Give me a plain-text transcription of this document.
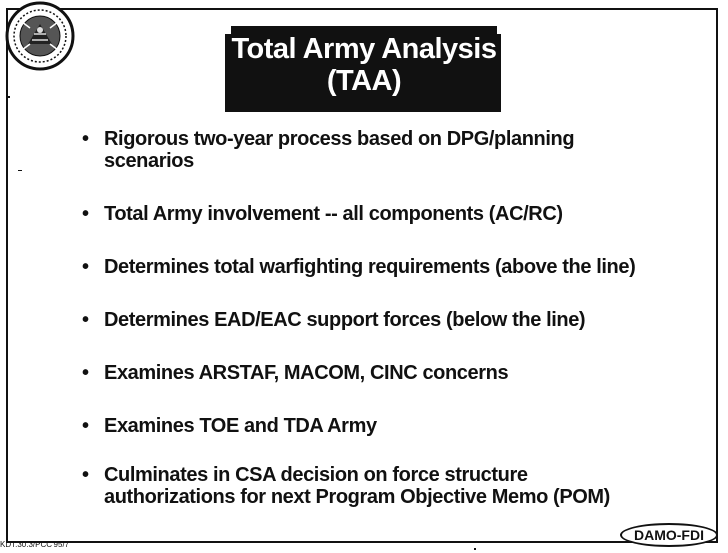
Total Army Analysis
(TAA)
• Rigorous two-year process based on DPG/planning
scenarios
• Total Army involvement -- all components (AC/RC)
• Determines total warfighting requirements (above the line)
• Determines EAD/EAC support forces (below the line)
• Examines ARSTAF, MACOM, CINC concerns
• Examines TOE and TDA Army
• Culminates in CSA decision on force structure
authorizations for next Program Objective Memo (POM)
DAMO-FDI
KDT.30.3/PCC'95/7
